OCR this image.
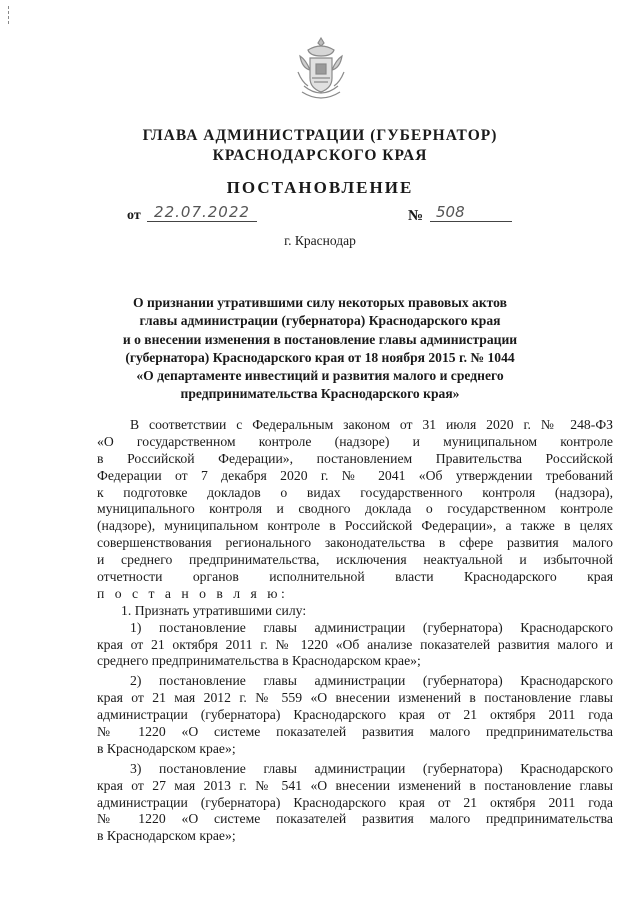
ГЛАВА АДМИНИСТРАЦИИ (ГУБЕРНАТОР)
КРАСНОДАРСКОГО КРАЯ
ПОСТАНОВЛЕНИЕ
от 22.07.2022	№ 508
г. Краснодар
О признании утратившими силу некоторых правовых актов
главы администрации (губернатора) Краснодарского края
и о внесении изменения в постановление главы администрации
(губернатора) Краснодарского края от 18 ноября 2015 г. № 1044
«О департаменте инвестиций и развития малого и среднего
предпринимательства Краснодарского края»
В соответствии с Федеральным законом от 31 июля 2020 г. № 248-ФЗ
«О государственном контроле (надзоре) и муниципальном контроле
в Российской Федерации», постановлением Правительства Российской
Федерации от 7 декабря 2020 г. № 2041 «Об утверждении требований
к подготовке докладов о видах государственного контроля (надзора),
муниципального контроля и сводного доклада о государственном контроле
(надзоре), муниципальном контроле в Российской Федерации», а также в целях
совершенствования регионального законодательства в сфере развития малого
и среднего предпринимательства, исключения неактуальной и избыточной
отчетности органов исполнительной власти Краснодарского края
п о с т а н о в л я ю:
1. Признать утратившими силу:
1) постановление главы администрации (губернатора) Краснодарского
края от 21 октября 2011 г. № 1220 «Об анализе показателей развития малого и
среднего предпринимательства в Краснодарском крае»;
2) постановление главы администрации (губернатора) Краснодарского
края от 21 мая 2012 г. № 559 «О внесении изменений в постановление главы
администрации (губернатора) Краснодарского края от 21 октября 2011 года
№ 1220 «О системе показателей развития малого предпринимательства
в Краснодарском крае»;
3) постановление главы администрации (губернатора) Краснодарского
края от 27 мая 2013 г. № 541 «О внесении изменений в постановление главы
администрации (губернатора) Краснодарского края от 21 октября 2011 года
№ 1220 «О системе показателей развития малого предпринимательства
в Краснодарском крае»;
